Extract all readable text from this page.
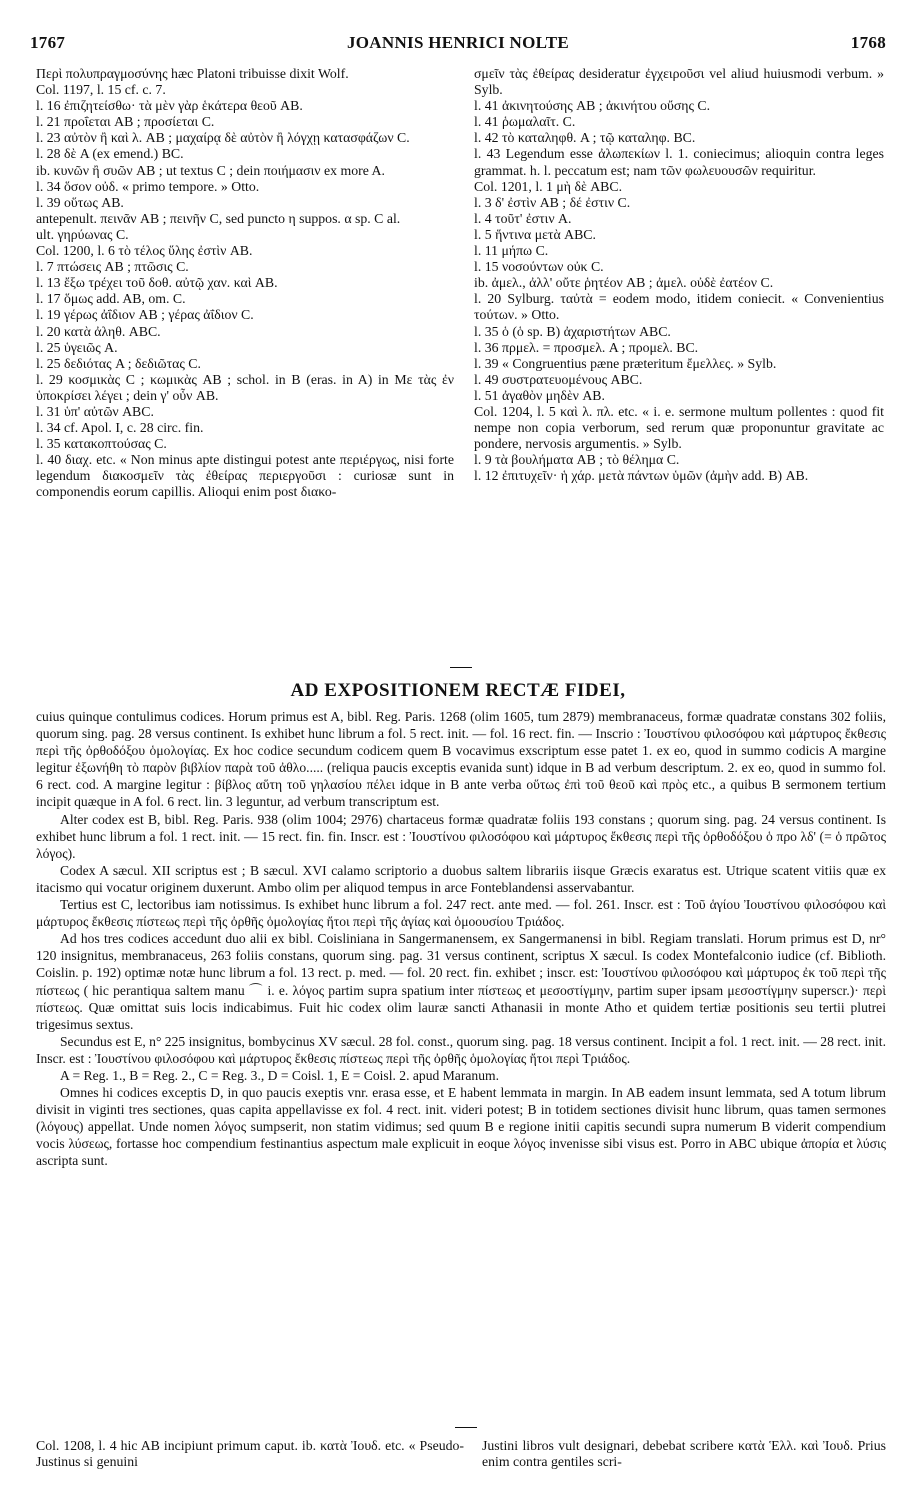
1767	JOANNIS HENRICI NOLTE	1768

Περὶ πολυπραγμοσύνης hæc Platoni tribuisse dixit Wolf.

Col. 1197, l. 15 cf. c. 7.

l. 16 ἐπιζητείσθω· τὰ μὲν γὰρ ἑκάτερα θεοῦ AB.

l. 21 προΐεται AB ; προσίεται C.

l. 23 αὐτὸν ἢ καὶ λ. AB ; μαχαίρᾳ δὲ αὐτὸν ἢ λόγχῃ κατασφάζων C.

l. 28 δὲ A (ex emend.) BC.

ib. κυνῶν ἢ συῶν AB ; ut textus C ; dein ποιήμασιν ex more A.

l. 34 ὅσον οὐδ. « primo tempore. » Otto.

l. 39 οὕτως AB.

antepenult. πεινᾶν AB ; πεινῆν C, sed puncto η suppos. α sp. C al.

ult. γηρύωνας C.

Col. 1200, l. 6 τὸ τέλος ὕλης ἐστὶν AB.

l. 7 πτώσεις AB ; πτῶσις C.

l. 13 ἔξω τρέχει τοῦ δοθ. αὐτῷ χαν. καὶ AB.

l. 17 ὅμως add. AB, om. C.

l. 19 γέρως ἀΐδιον AB ; γέρας ἀΐδιον C.

l. 20 κατὰ ἀληθ. ABC.

l. 25 ὑγειῶς A.

l. 25 δεδιότας A ; δεδιῶτας C.

l. 29 κοσμικὰς C ; κωμικὰς AB ; schol. in B (eras. in A) in Με τὰς ἐν ὑποκρίσει λέγει ; dein γ' οὖν AB.

l. 31 ὑπ' αὐτῶν ABC.

l. 34 cf. Apol. I, c. 28 circ. fin.

l. 35 κατακοπτούσας C.

l. 40 διαχ. etc. « Non minus apte distingui potest ante περιέργως, nisi forte legendum διακοσμεῖν τὰς ἐθείρας περιεργοῦσι : curiosæ sunt in componendis eorum capillis. Alioqui enim post διακο-

σμεῖν τὰς ἐθείρας desideratur ἐγχειροῦσι vel aliud huiusmodi verbum. » Sylb.

l. 41 ἀκινητούσης AB ; ἀκινήτου οὔσης C.

l. 41 ῥωμαλαῖτ. C.

l. 42 τὸ καταληφθ. A ; τῷ καταληφ. BC.

l. 43 Legendum esse ἀλωπεκίων l. 1. coniecimus; alioquin contra leges grammat. h. l. peccatum est; nam τῶν φωλευουσῶν requiritur.

Col. 1201, l. 1 μὴ δὲ ABC.

l. 3 δ' ἐστὶν AB ; δέ ἐστιν C.

l. 4 τοῦτ' ἐστιν A.

l. 5 ἥντινα μετὰ ABC.

l. 11 μήπω C.

l. 15 νοσούντων οὐκ C.

ib. ἀμελ., ἀλλ' οὔτε ῥητέον AB ; ἀμελ. οὐδὲ ἐατέον C.

l. 20 Sylburg. ταὐτὰ = eodem modo, itidem coniecit. « Convenientius τούτων. » Otto.

l. 35 ὁ (ὁ sp. B) ἀχαριστήτων ABC.

l. 36 πρμελ. = προσμελ. A ; προμελ. BC.

l. 39 « Congruentius pæne præteritum ἔμελλες. » Sylb.

l. 49 συστρατευομένους ABC.

l. 51 ἀγαθὸν μηδὲν AB.

Col. 1204, l. 5 καὶ λ. πλ. etc. « i. e. sermone multum pollentes : quod fit nempe non copia verborum, sed rerum quæ proponuntur gravitate ac pondere, nervosis argumentis. » Sylb.

l. 9 τὰ βουλήματα AB ; τὸ θέλημα C.

l. 12 ἐπιτυχεῖν· ἡ χάρ. μετὰ πάντων ὑμῶν (ἀμὴν add. B) AB.

AD EXPOSITIONEM RECTÆ FIDEI,

cuius quinque contulimus codices. Horum primus est A, bibl. Reg. Paris. 1268 (olim 1605, tum 2879) membranaceus, formæ quadratæ constans 302 foliis, quorum sing. pag. 28 versus continent. Is exhibet hunc librum a fol. 5 rect. init. — fol. 16 rect. fin. — Inscrio : Ἰουστίνου φιλοσόφου καὶ μάρτυρος ἔκθεσις περὶ τῆς ὀρθοδόξου ὁμολογίας. Ex hoc codice secundum codicem quem B vocavimus exscriptum esse patet 1. ex eo, quod in summo codicis A margine legitur ἐξωνήθη τὸ παρὸν βιβλίον παρὰ τοῦ ἀθλο..... (reliqua paucis exceptis evanida sunt) idque in B ad verbum descriptum. 2. ex eo, quod in summo fol. 6 rect. cod. A margine legitur : βίβλος αὕτη τοῦ γηλασίου πέλει idque in B ante verba οὕτως ἐπὶ τοῦ θεοῦ καὶ πρὸς etc., a quibus B sermonem tertium incipit quæque in A fol. 6 rect. lin. 3 leguntur, ad verbum transcriptum est.

Alter codex est B, bibl. Reg. Paris. 938 (olim 1004; 2976) chartaceus formæ quadratæ foliis 193 constans ; quorum sing. pag. 24 versus continent. Is exhibet hunc librum a fol. 1 rect. init. — 15 rect. fin. fin. Inscr. est : Ἰουστίνου φιλοσόφου καὶ μάρτυρος ἔκθεσις περὶ τῆς ὀρθοδόξου ὁ προ λδ' (= ὁ πρῶτος λόγος).

Codex A sæcul. XII scriptus est ; B sæcul. XVI calamo scriptorio a duobus saltem librariis iisque Græcis exaratus est. Utrique scatent vitiis quæ ex itacismo qui vocatur originem duxerunt. Ambo olim per aliquod tempus in arce Fonteblandensi asservabantur.

Tertius est C, lectoribus iam notissimus. Is exhibet hunc librum a fol. 247 rect. ante med. — fol. 261. Inscr. est : Τοῦ ἁγίου Ἰουστίνου φιλοσόφου καὶ μάρτυρος ἔκθεσις πίστεως περὶ τῆς ὀρθῆς ὁμολογίας ἤτοι περὶ τῆς ἁγίας καὶ ὁμοουσίου Τριάδος.

Ad hos tres codices accedunt duo alii ex bibl. Coisliniana in Sangermanensem, ex Sangermanensi in bibl. Regiam translati. Horum primus est D, nr° 120 insignitus, membranaceus, 263 foliis constans, quorum sing. pag. 31 versus continent, scriptus X sæcul. Is codex Montefalconio iudice (cf. Biblioth. Coislin. p. 192) optimæ notæ hunc librum a fol. 13 rect. p. med. — fol. 20 rect. fin. exhibet ; inscr. est: Ἰουστίνου φιλοσόφου καὶ μάρτυρος ἐκ τοῦ περὶ τῆς πίστεως ( hic perantiqua saltem manu ⌒ i. e. λόγος partim supra spatium inter πίστεως et μεσοστίγμην, partim super ipsam μεσοστίγμην superscr.)· περὶ πίστεως. Quæ omittat suis locis indicabimus. Fuit hic codex olim lauræ sancti Athanasii in monte Atho et quidem tertiæ positionis seu tertii plutrei trigesimus sextus.

Secundus est E, n° 225 insignitus, bombycinus XV sæcul. 28 fol. const., quorum sing. pag. 18 versus continent. Incipit a fol. 1 rect. init. — 28 rect. init. Inscr. est : Ἰουστίνου φιλοσόφου καὶ μάρτυρος ἔκθεσις πίστεως περὶ τῆς ὀρθῆς ὁμολογίας ἤτοι περὶ Τριάδος.

A = Reg. 1., B = Reg. 2., C = Reg. 3., D = Coisl. 1, E = Coisl. 2. apud Maranum.

Omnes hi codices exceptis D, in quo paucis exeptis vnr. erasa esse, et E habent lemmata in margin. In AB eadem insunt lemmata, sed A totum librum divisit in viginti tres sectiones, quas capita appellavisse ex fol. 4 rect. init. videri potest; B in totidem sectiones divisit hunc librum, quas tamen sermones (λόγους) appellat. Unde nomen λόγος sumpserit, non statim vidimus; sed quum B e regione initii capitis secundi supra numerum B viderit compendium vocis λύσεως, fortasse hoc compendium festinantius aspectum male explicuit in eoque λόγος invenisse sibi visus est. Porro in ABC ubique ἀπορία et λύσις ascripta sunt.

Col. 1208, l. 4 hic AB incipiunt primum caput. ib. κατὰ Ἰουδ. etc. « Pseudo-Justinus si genuini

Justini libros vult designari, debebat scribere κατὰ Ἑλλ. καὶ Ἰουδ. Prius enim contra gentiles scri-
